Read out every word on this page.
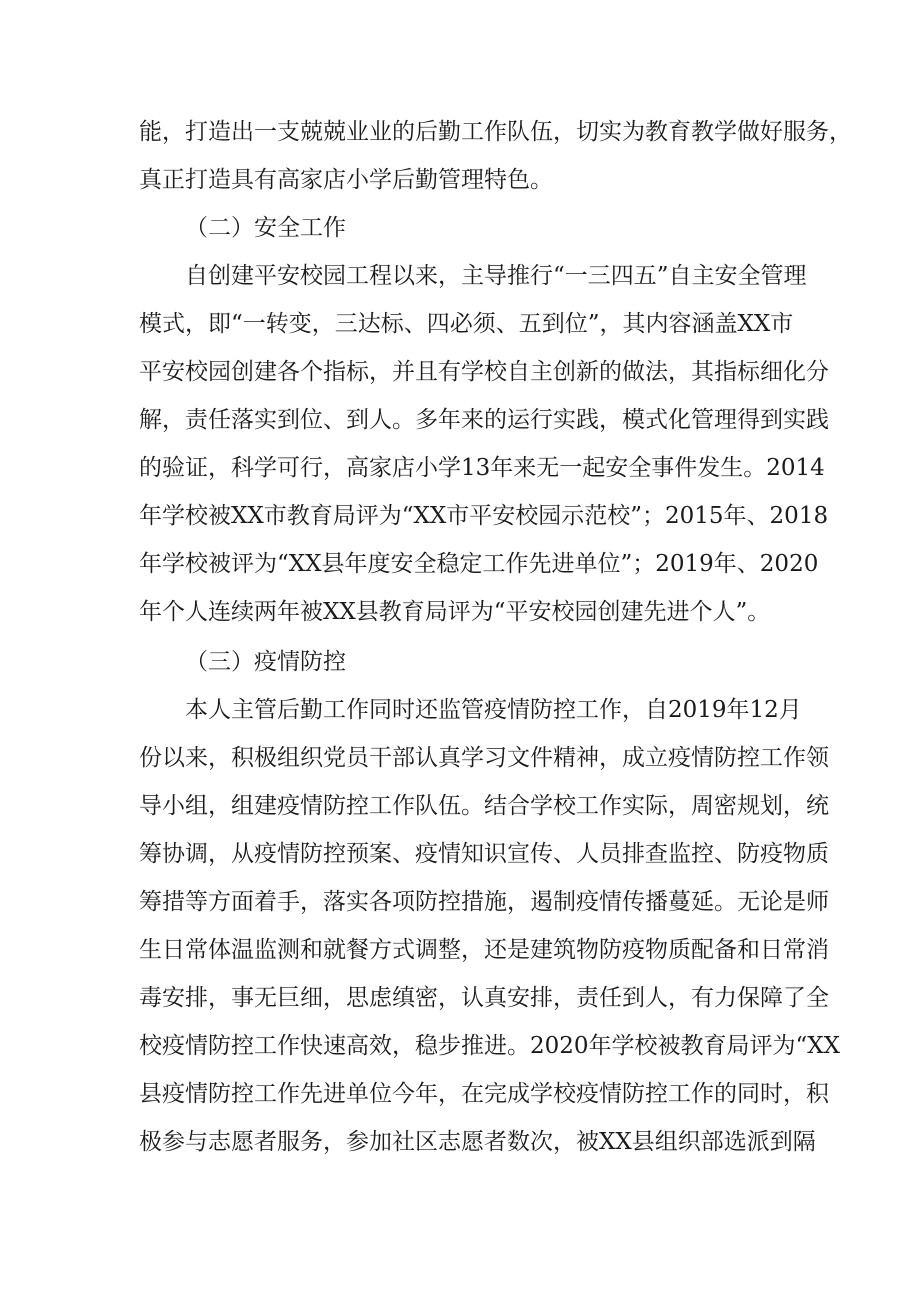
能，打造出一支兢兢业业的后勤工作队伍，切实为教育教学做好服务，
真正打造具有高家店小学后勤管理特色。
（二）安全工作
自创建平安校园工程以来，主导推行“一三四五”自主安全管理
模式，即“一转变，三达标、四必须、五到位”，其内容涵盖XX市
平安校园创建各个指标，并且有学校自主创新的做法，其指标细化分
解，责任落实到位、到人。多年来的运行实践，模式化管理得到实践
的验证，科学可行，高家店小学13年来无一起安全事件发生。2014
年学校被XX市教育局评为“XX市平安校园示范校”；2015年、2018
年学校被评为“XX县年度安全稳定工作先进单位”；2019年、2020
年个人连续两年被XX县教育局评为“平安校园创建先进个人”。
（三）疫情防控
本人主管后勤工作同时还监管疫情防控工作，自2019年12月
份以来，积极组织党员干部认真学习文件精神，成立疫情防控工作领
导小组，组建疫情防控工作队伍。结合学校工作实际，周密规划，统
筹协调，从疫情防控预案、疫情知识宣传、人员排查监控、防疫物质
筹措等方面着手，落实各项防控措施，遏制疫情传播蔓延。无论是师
生日常体温监测和就餐方式调整，还是建筑物防疫物质配备和日常消
毒安排，事无巨细，思虑缜密，认真安排，责任到人，有力保障了全
校疫情防控工作快速高效，稳步推进。2020年学校被教育局评为“XX
县疫情防控工作先进单位今年，在完成学校疫情防控工作的同时，积
极参与志愿者服务，参加社区志愿者数次，被XX县组织部选派到隔
